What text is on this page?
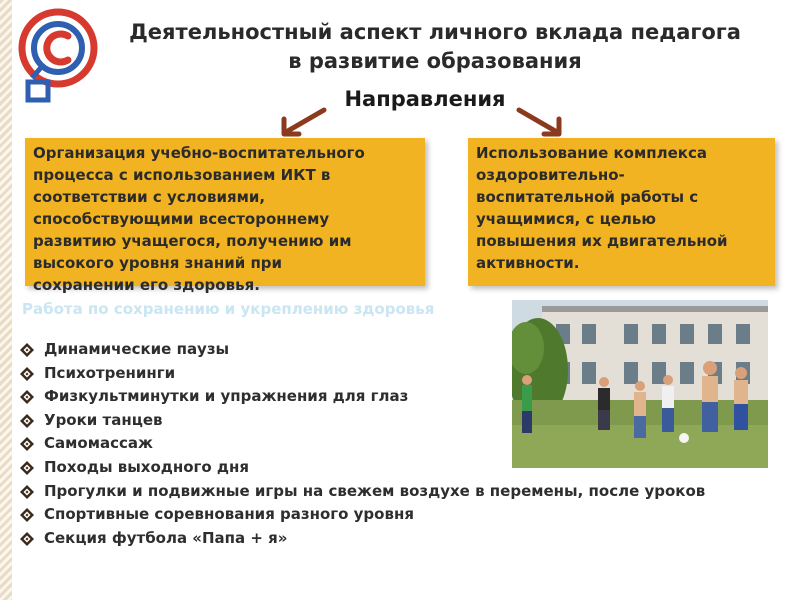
Деятельностный аспект личного вклада педагога
в развитие образования
Направления
Организация учебно-воспитательного
процесса с использованием ИКТ в
соответствии с условиями,
способствующими всестороннему
развитию учащегося, получению им
высокого уровня знаний при
сохранении его здоровья.
Использование комплекса
оздоровительно-
воспитательной работы с
учащимися, с целью
повышения их двигательной
активности.
Работа по сохранению и укреплению здоровья
Динамические паузы
Психотренинги
Физкультминутки и упражнения для глаз
Уроки танцев
Самомассаж
Походы выходного дня
Прогулки и подвижные игры на свежем воздухе в перемены, после уроков
Спортивные соревнования разного уровня
Секция футбола «Папа + я»
